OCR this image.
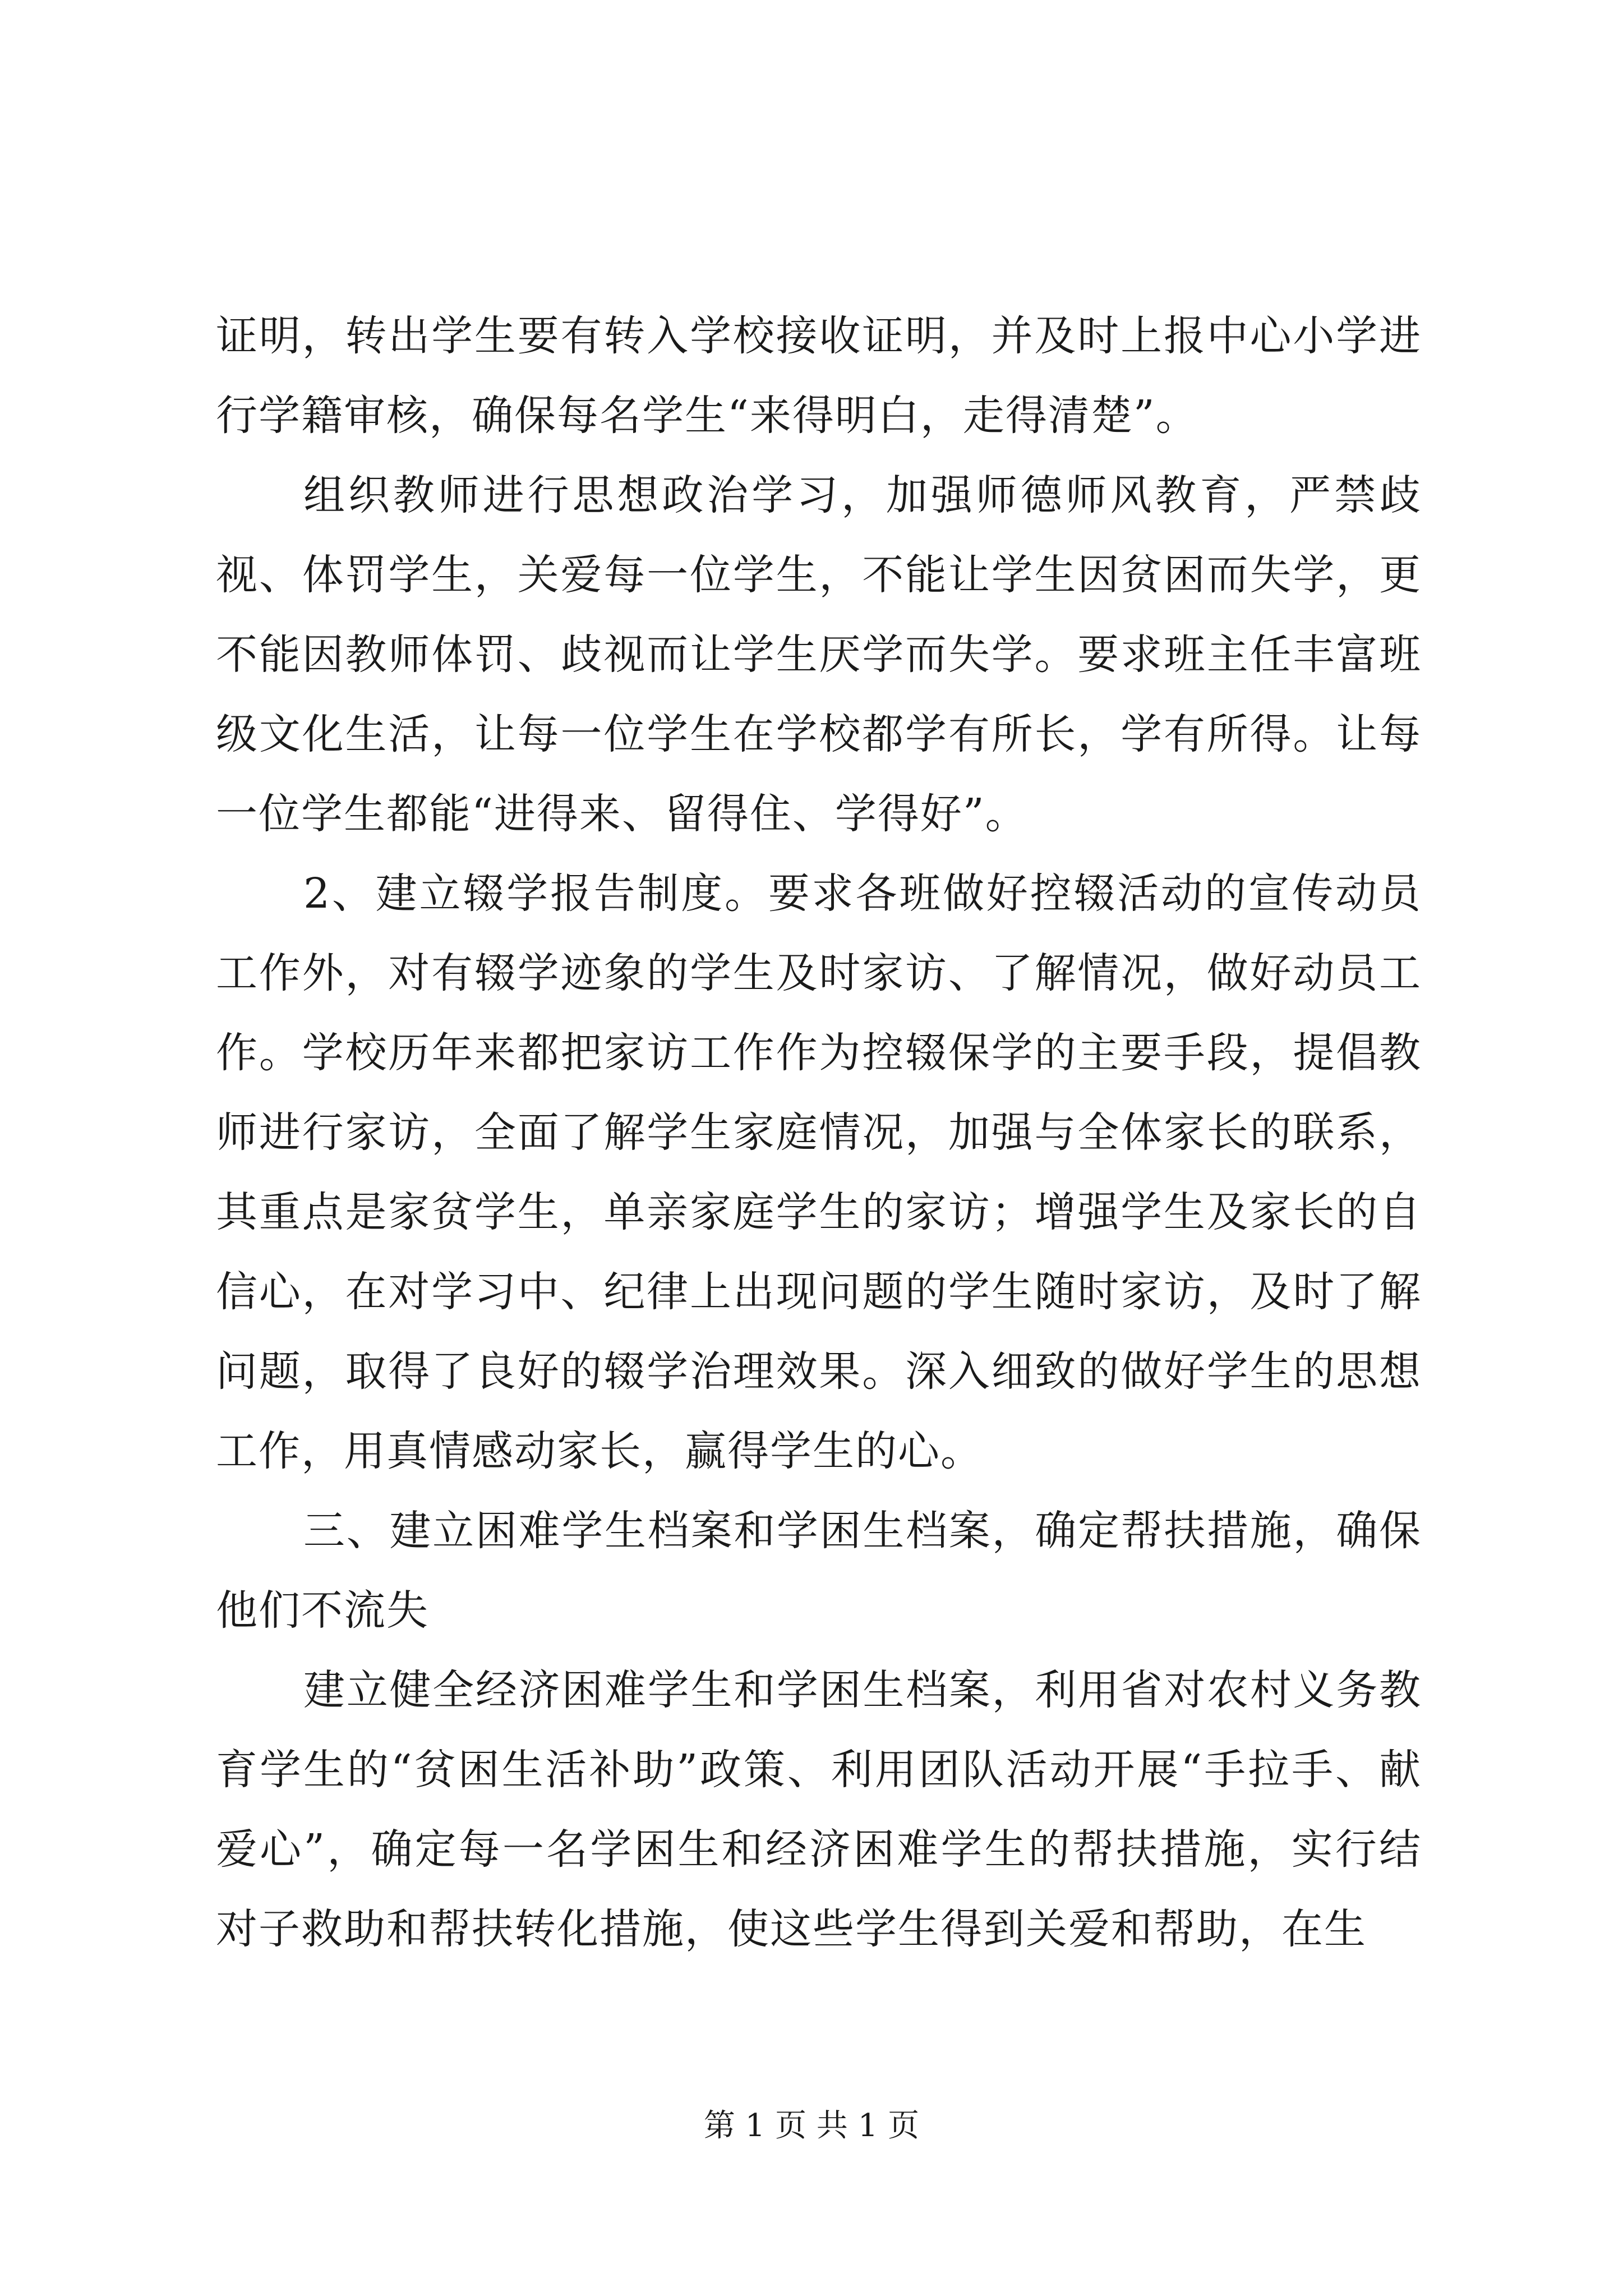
证明，转出学生要有转入学校接收证明，并及时上报中心小学进行学籍审核，确保每名学生“来得明白，走得清楚”。

组织教师进行思想政治学习，加强师德师风教育，严禁歧视、体罚学生，关爱每一位学生，不能让学生因贫困而失学，更不能因教师体罚、歧视而让学生厌学而失学。要求班主任丰富班级文化生活，让每一位学生在学校都学有所长，学有所得。让每一位学生都能“进得来、留得住、学得好”。

2、建立辍学报告制度。要求各班做好控辍活动的宣传动员工作外，对有辍学迹象的学生及时家访、了解情况，做好动员工作。学校历年来都把家访工作作为控辍保学的主要手段，提倡教师进行家访，全面了解学生家庭情况，加强与全体家长的联系，其重点是家贫学生，单亲家庭学生的家访；增强学生及家长的自信心，在对学习中、纪律上出现问题的学生随时家访，及时了解问题，取得了良好的辍学治理效果。深入细致的做好学生的思想工作，用真情感动家长，赢得学生的心。

三、建立困难学生档案和学困生档案，确定帮扶措施，确保他们不流失

建立健全经济困难学生和学困生档案，利用省对农村义务教育学生的“贫困生活补助”政策、利用团队活动开展“手拉手、献爱心”，确定每一名学困生和经济困难学生的帮扶措施，实行结对子救助和帮扶转化措施，使这些学生得到关爱和帮助，在生

第 1 页 共 1 页
